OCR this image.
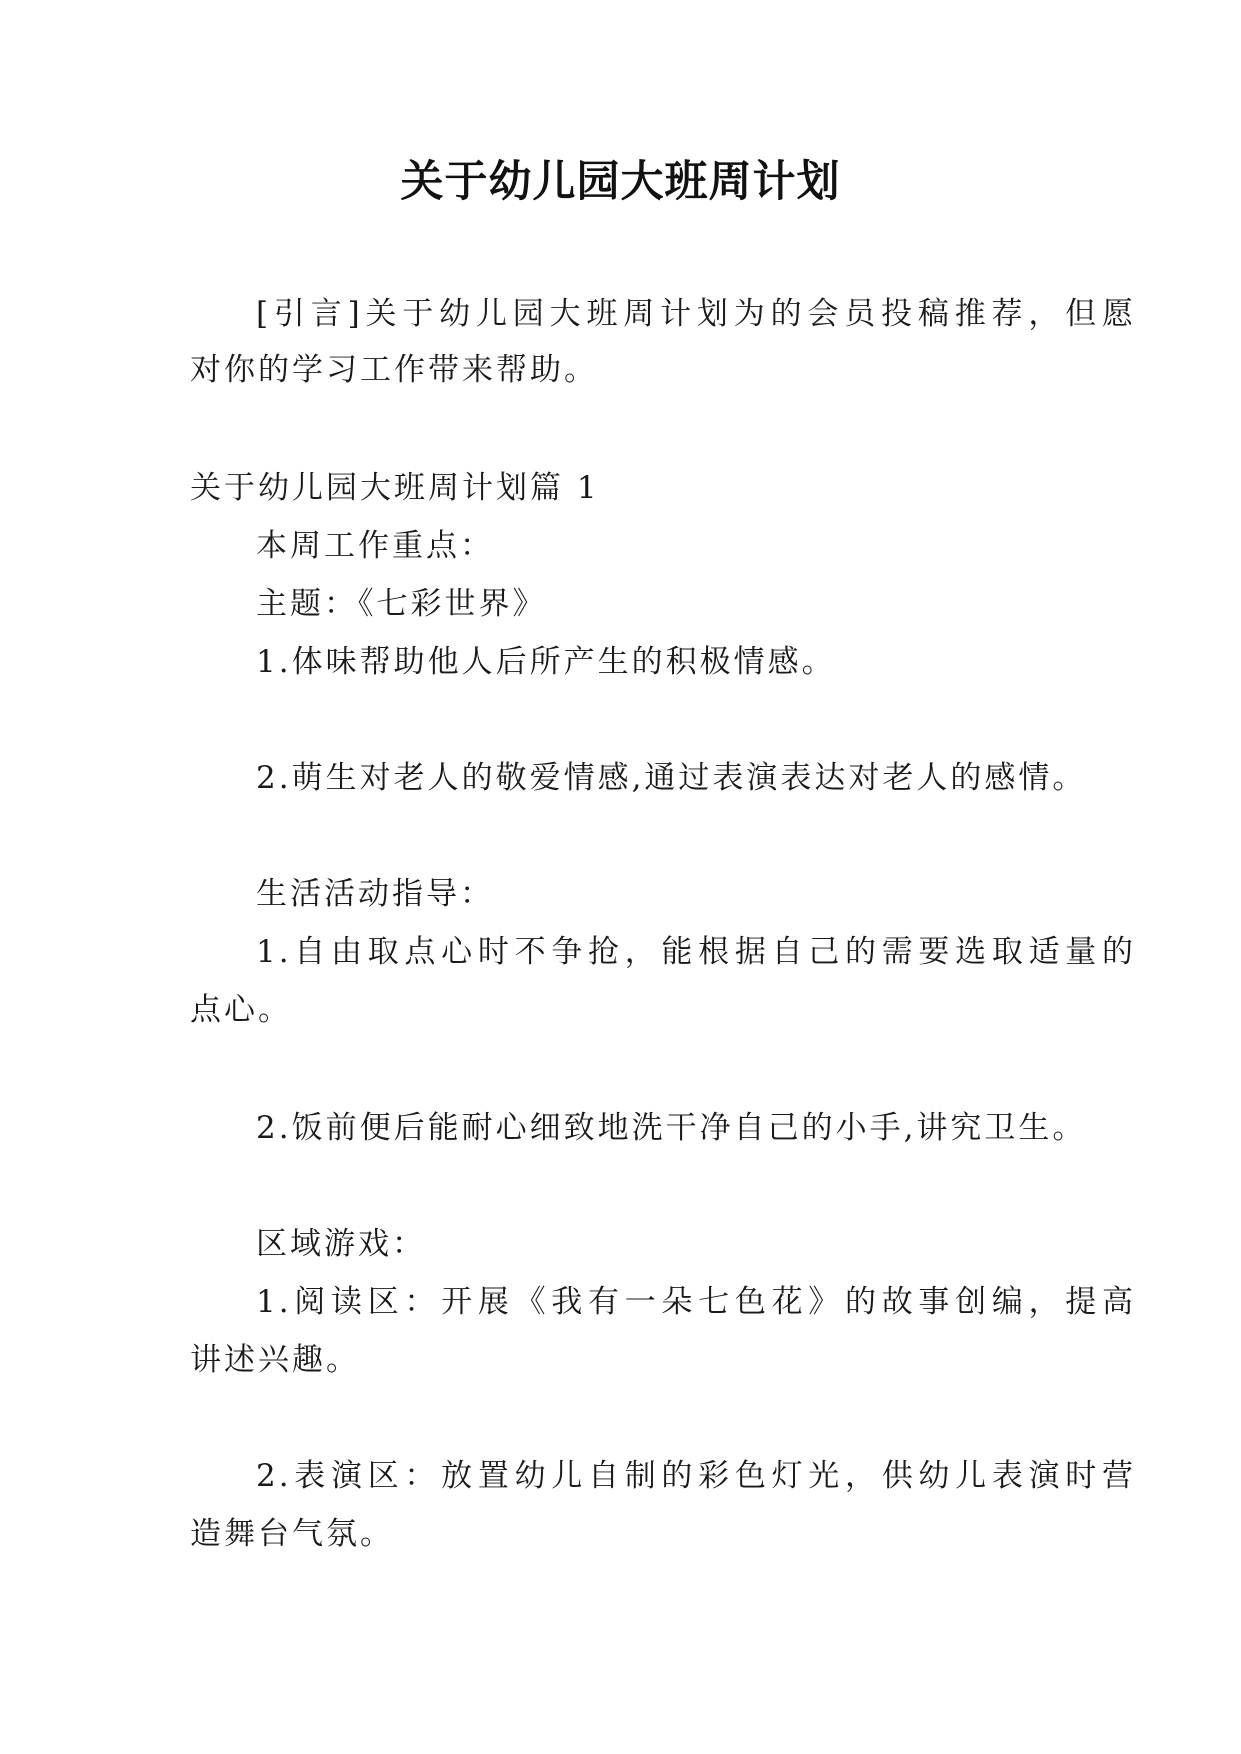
关于幼儿园大班周计划
[引言]关于幼儿园大班周计划为的会员投稿推荐，但愿
对你的学习工作带来帮助。
关于幼儿园大班周计划篇 1
本周工作重点：
主题：《七彩世界》
1.体味帮助他人后所产生的积极情感。
2.萌生对老人的敬爱情感,通过表演表达对老人的感情。
生活活动指导：
1.自由取点心时不争抢，能根据自己的需要选取适量的
点心。
2.饭前便后能耐心细致地洗干净自己的小手,讲究卫生。
区域游戏：
1.阅读区：开展《我有一朵七色花》的故事创编，提高
讲述兴趣。
2.表演区：放置幼儿自制的彩色灯光，供幼儿表演时营
造舞台气氛。
